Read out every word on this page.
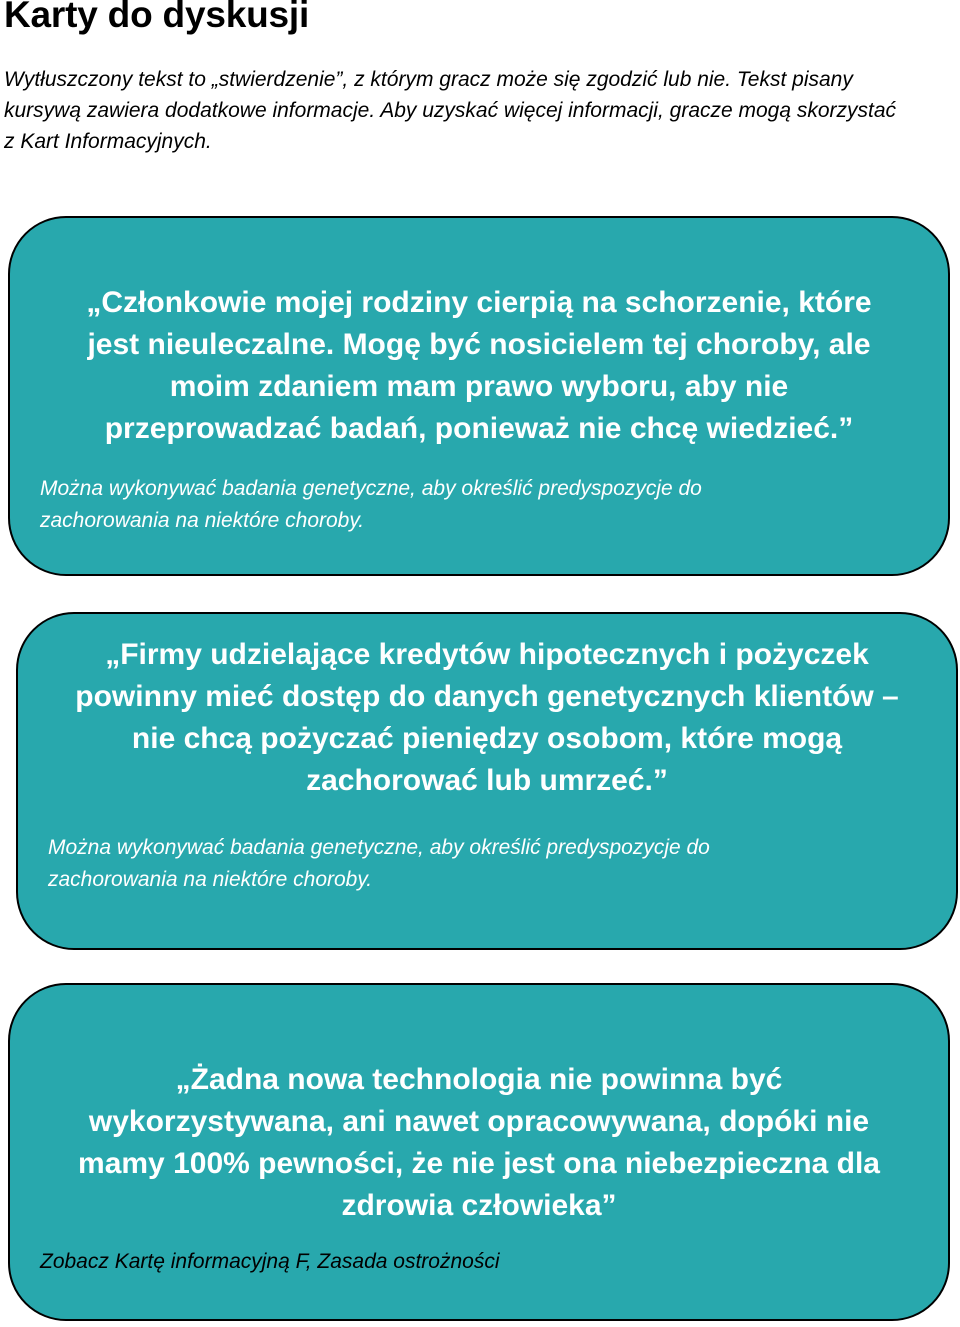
Karty do dyskusji

Wytłuszczony tekst to „stwierdzenie”, z którym gracz może się zgodzić lub nie. Tekst pisany
kursywą zawiera dodatkowe informacje. Aby uzyskać więcej informacji, gracze mogą skorzystać
z Kart Informacyjnych.

„Członkowie mojej rodziny cierpią na schorzenie, które
jest nieuleczalne. Mogę być nosicielem tej choroby, ale
moim zdaniem mam prawo wyboru, aby nie
przeprowadzać badań, ponieważ nie chcę wiedzieć.”

Można wykonywać badania genetyczne, aby określić predyspozycje do
zachorowania na niektóre choroby.

„Firmy udzielające kredytów hipotecznych i pożyczek
powinny mieć dostęp do danych genetycznych klientów –
nie chcą pożyczać pieniędzy osobom, które mogą
zachorować lub umrzeć.”

Można wykonywać badania genetyczne, aby określić predyspozycje do
zachorowania na niektóre choroby.

„Żadna nowa technologia nie powinna być
wykorzystywana, ani nawet opracowywana, dopóki nie
mamy 100% pewności, że nie jest ona niebezpieczna dla
zdrowia człowieka”

Zobacz Kartę informacyjną F, Zasada ostrożności
